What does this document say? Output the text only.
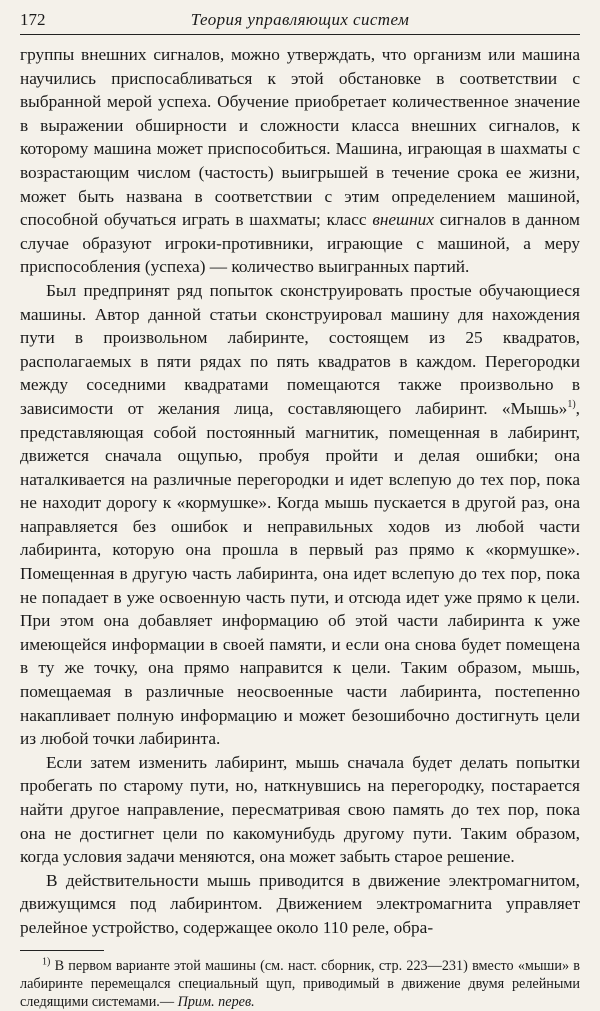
172	Теория управляющих систем

группы внешних сигналов, можно утверждать, что организм или машина научились приспосабливаться к этой обстановке в соответствии с выбранной мерой успеха. Обучение приобретает количественное значение в выражении обширности и сложности класса внешних сигналов, к которому машина может приспособиться. Машина, играющая в шахматы с возрастающим числом (частость) выигрышей в течение срока ее жизни, может быть названа в соответствии с этим определением машиной, способной обучаться играть в шахматы; класс внешних сигналов в данном случае образуют игроки-противники, играющие с машиной, а меру приспособления (успеха) — количество выигранных партий.

Был предпринят ряд попыток сконструировать простые обучающиеся машины. Автор данной статьи сконструировал машину для нахождения пути в произвольном лабиринте, состоящем из 25 квадратов, располагаемых в пяти рядах по пять квадратов в каждом. Перегородки между соседними квадратами помещаются также произвольно в зависимости от желания лица, составляющего лабиринт. «Мышь»$^{1)}$, представляющая собой постоянный магнитик, помещенная в лабиринт, движется сначала ощупью, пробуя пройти и делая ошибки; она наталкивается на различные перегородки и идет вслепую до тех пор, пока не находит дорогу к «кормушке». Когда мышь пускается в другой раз, она направляется без ошибок и неправильных ходов из любой части лабиринта, которую она прошла в первый раз прямо к «кормушке». Помещенная в другую часть лабиринта, она идет вслепую до тех пор, пока не попадает в уже освоенную часть пути, и отсюда идет уже прямо к цели. При этом она добавляет информацию об этой части лабиринта к уже имеющейся информации в своей памяти, и если она снова будет помещена в ту же точку, она прямо направится к цели. Таким образом, мышь, помещаемая в различные неосвоенные части лабиринта, постепенно накапливает полную информацию и может безошибочно достигнуть цели из любой точки лабиринта.

Если затем изменить лабиринт, мышь сначала будет делать попытки пробегать по старому пути, но, наткнувшись на перегородку, постарается найти другое направление, пересматривая свою память до тех пор, пока она не достигнет цели по какомунибудь другому пути. Таким образом, когда условия задачи меняются, она может забыть старое решение.

В действительности мышь приводится в движение электромагнитом, движущимся под лабиринтом. Движением электромагнита управляет релейное устройство, содержащее около 110 реле, обра-

$^{1)}$ В первом варианте этой машины (см. наст. сборник, стр. 223—231) вместо «мыши» в лабиринте перемещался специальный щуп, приводимый в движение двумя релейными следящими системами.— Прим. перев.
